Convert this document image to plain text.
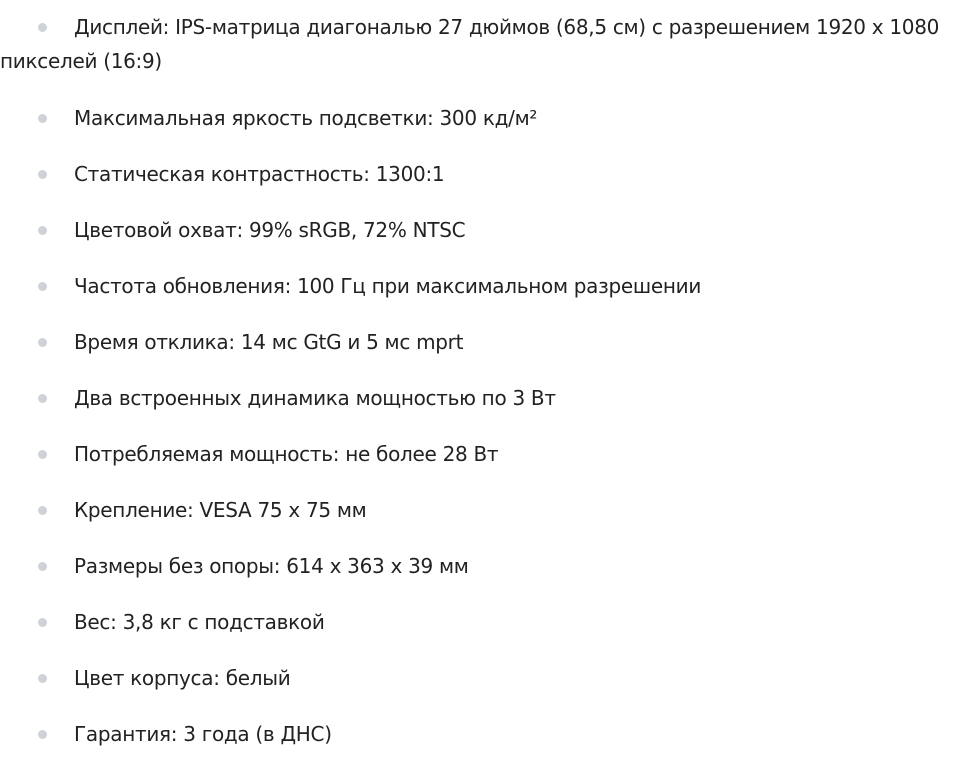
Дисплей: IPS-матрица диагональю 27 дюймов (68,5 см) с разрешением 1920 х 1080 пикселей (16:9)
Максимальная яркость подсветки: 300 кд/м²
Статическая контрастность: 1300:1
Цветовой охват: 99% sRGB, 72% NTSC
Частота обновления: 100 Гц при максимальном разрешении
Время отклика: 14 мс GtG и 5 мс mprt
Два встроенных динамика мощностью по 3 Вт
Потребляемая мощность: не более 28 Вт
Крепление: VESA 75 х 75 мм
Размеры без опоры: 614 х 363 х 39 мм
Вес: 3,8 кг с подставкой
Цвет корпуса: белый
Гарантия: 3 года (в ДНС)
